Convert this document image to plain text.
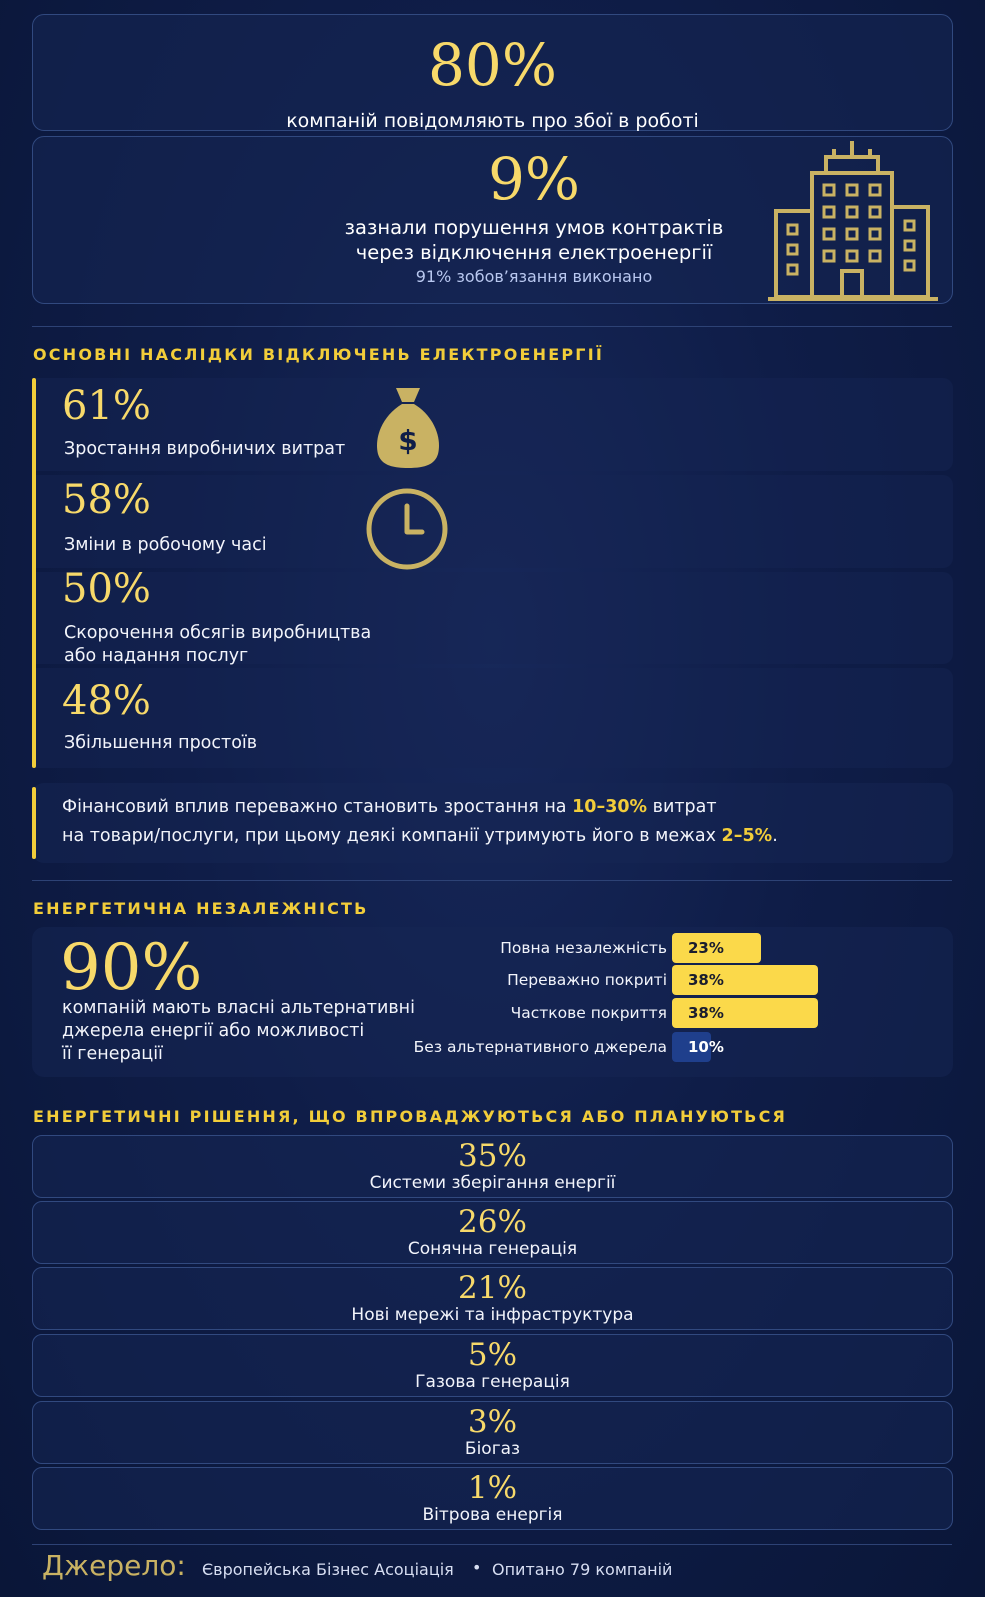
80%
компаній повідомляють про збої в роботі
9%
зазнали порушення умов контрактів
через відключення електроенергії
91% зобов’язання виконано
ОСНОВНІ НАСЛІДКИ ВІДКЛЮЧЕНЬ ЕЛЕКТРОЕНЕРГІЇ
61%
Зростання виробничих витрат
58%
Зміни в робочому часі
50%
Скорочення обсягів виробництва
або надання послуг
48%
Збільшення простоїв
$
Фінансовий вплив переважно становить зростання на 10–30% витрат
на товари/послуги, при цьому деякі компанії утримують його в межах 2–5%.
ЕНЕРГЕТИЧНА НЕЗАЛЕЖНІСТЬ
90%
компаній мають власні альтернативні
джерела енергії або можливості
її генерації
Повна незалежність 23%
Переважно покриті 38%
Часткове покриття 38%
Без альтернативного джерела 10%
ЕНЕРГЕТИЧНІ РІШЕННЯ, ЩО ВПРОВАДЖУЮТЬСЯ АБО ПЛАНУЮТЬСЯ
35%
Системи зберігання енергії
26%
Сонячна генерація
21%
Нові мережі та інфраструктура
5%
Газова генерація
3%
Біогаз
1%
Вітрова енергія
Джерело: Європейська Бізнес Асоціація • Опитано 79 компаній
